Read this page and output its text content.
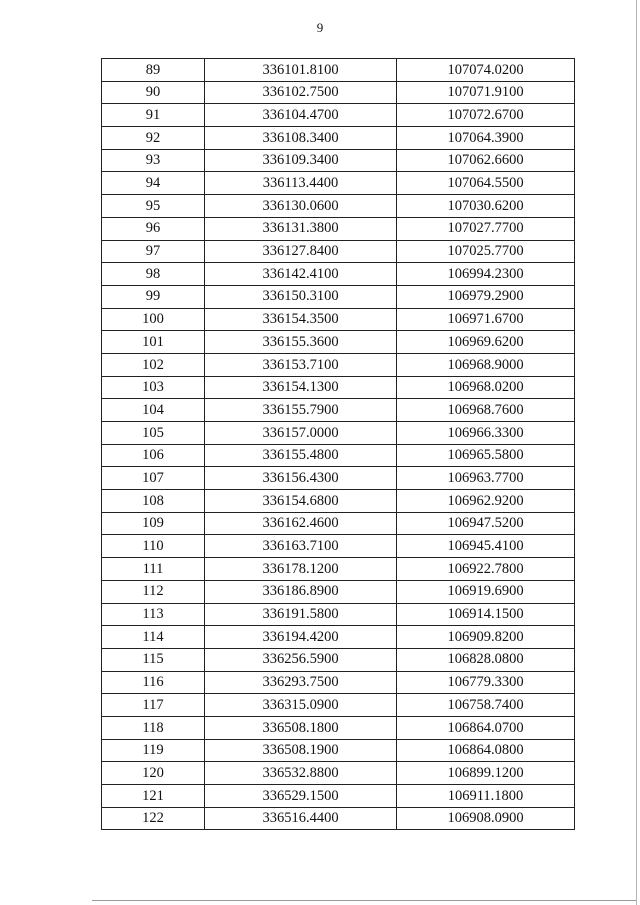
9
89	336101.8100	107074.0200
90	336102.7500	107071.9100
91	336104.4700	107072.6700
92	336108.3400	107064.3900
93	336109.3400	107062.6600
94	336113.4400	107064.5500
95	336130.0600	107030.6200
96	336131.3800	107027.7700
97	336127.8400	107025.7700
98	336142.4100	106994.2300
99	336150.3100	106979.2900
100	336154.3500	106971.6700
101	336155.3600	106969.6200
102	336153.7100	106968.9000
103	336154.1300	106968.0200
104	336155.7900	106968.7600
105	336157.0000	106966.3300
106	336155.4800	106965.5800
107	336156.4300	106963.7700
108	336154.6800	106962.9200
109	336162.4600	106947.5200
110	336163.7100	106945.4100
111	336178.1200	106922.7800
112	336186.8900	106919.6900
113	336191.5800	106914.1500
114	336194.4200	106909.8200
115	336256.5900	106828.0800
116	336293.7500	106779.3300
117	336315.0900	106758.7400
118	336508.1800	106864.0700
119	336508.1900	106864.0800
120	336532.8800	106899.1200
121	336529.1500	106911.1800
122	336516.4400	106908.0900
